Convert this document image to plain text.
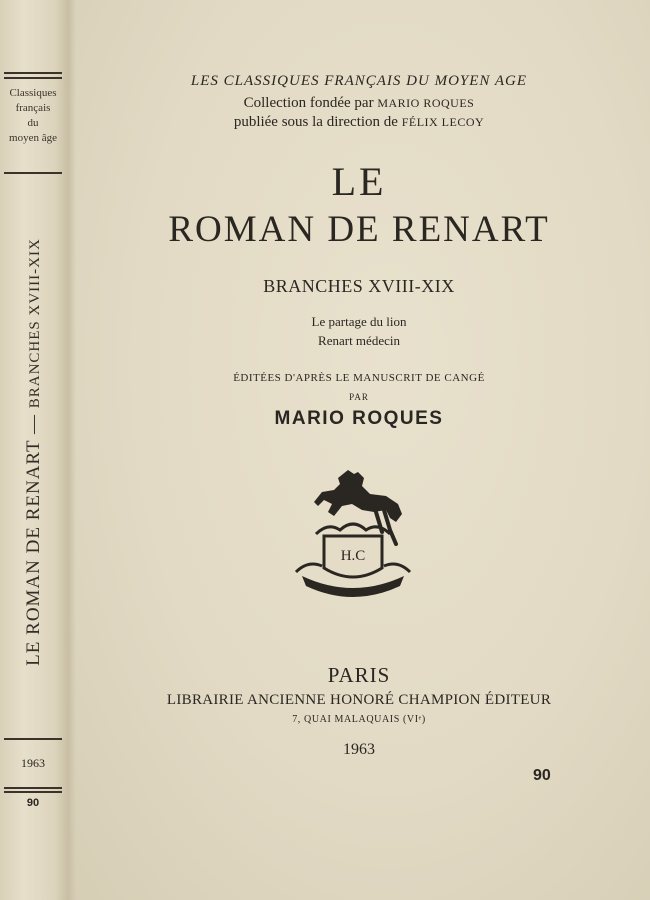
Classiques
français
du
moyen âge
LE ROMAN DE RENART — BRANCHES XVIII-XIX
1963
90
LES CLASSIQUES FRANÇAIS DU MOYEN AGE
Collection fondée par MARIO ROQUES
publiée sous la direction de FÉLIX LECOY
LE
ROMAN DE RENART
BRANCHES XVIII-XIX
Le partage du lion
Renart médecin
ÉDITÉES D'APRÈS LE MANUSCRIT DE CANGÉ
PAR
MARIO ROQUES
H.C
PARIS
LIBRAIRIE ANCIENNE HONORÉ CHAMPION ÉDITEUR
7, QUAI MALAQUAIS (VIᵉ)
1963
90
